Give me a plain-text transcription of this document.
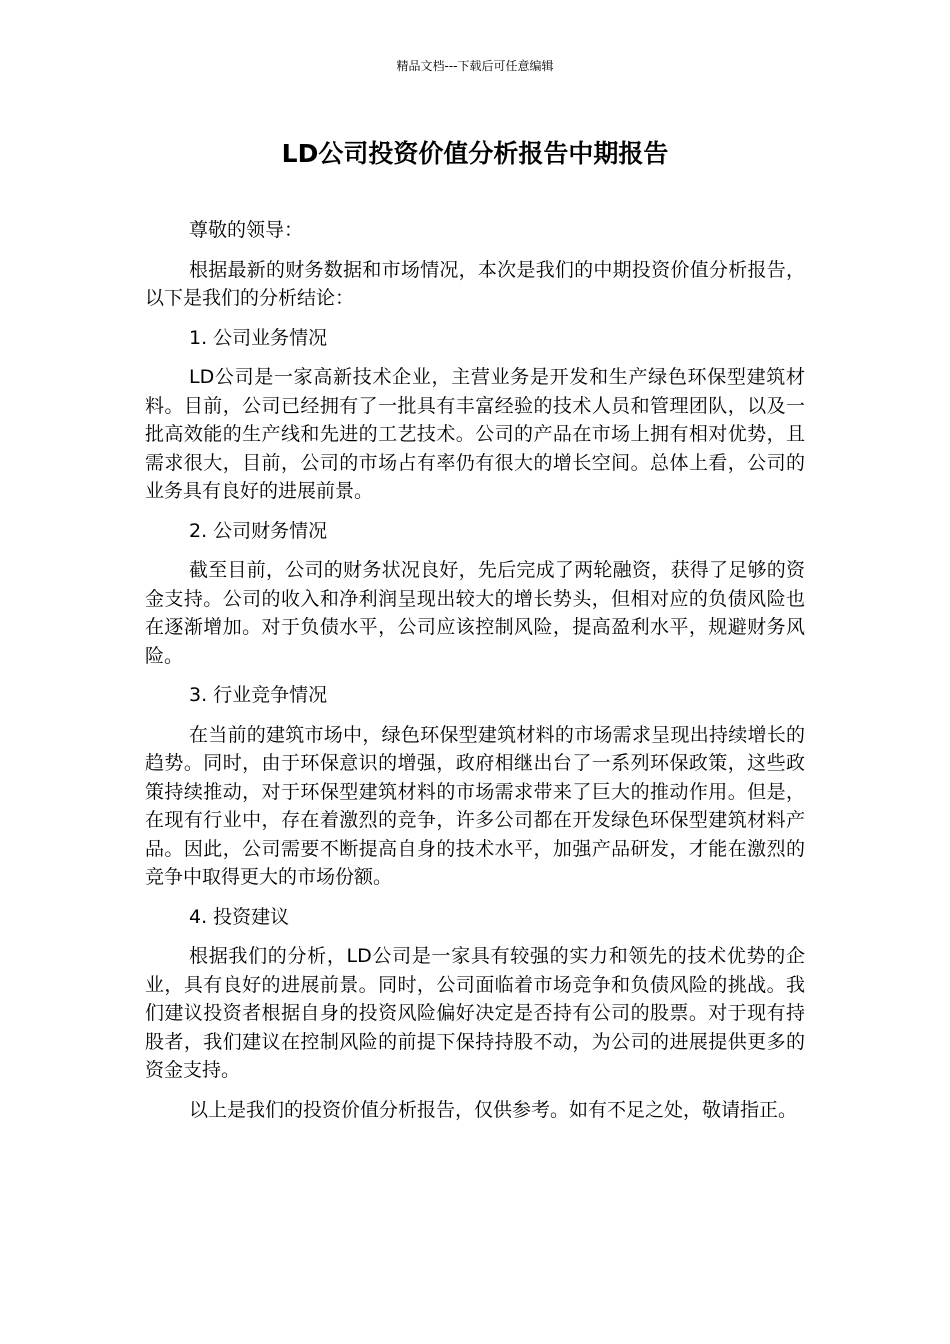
精品文档---下载后可任意编辑
LD公司投资价值分析报告中期报告

尊敬的领导：

根据最新的财务数据和市场情况，本次是我们的中期投资价值分析报告，以下是我们的分析结论：

1. 公司业务情况

LD公司是一家高新技术企业，主营业务是开发和生产绿色环保型建筑材料。目前，公司已经拥有了一批具有丰富经验的技术人员和管理团队，以及一批高效能的生产线和先进的工艺技术。公司的产品在市场上拥有相对优势，且需求很大，目前，公司的市场占有率仍有很大的增长空间。总体上看，公司的业务具有良好的进展前景。

2. 公司财务情况

截至目前，公司的财务状况良好，先后完成了两轮融资，获得了足够的资金支持。公司的收入和净利润呈现出较大的增长势头，但相对应的负债风险也在逐渐增加。对于负债水平，公司应该控制风险，提高盈利水平，规避财务风险。

3. 行业竞争情况

在当前的建筑市场中，绿色环保型建筑材料的市场需求呈现出持续增长的趋势。同时，由于环保意识的增强，政府相继出台了一系列环保政策，这些政策持续推动，对于环保型建筑材料的市场需求带来了巨大的推动作用。但是，在现有行业中，存在着激烈的竞争，许多公司都在开发绿色环保型建筑材料产品。因此，公司需要不断提高自身的技术水平，加强产品研发，才能在激烈的竞争中取得更大的市场份额。

4. 投资建议

根据我们的分析，LD公司是一家具有较强的实力和领先的技术优势的企业，具有良好的进展前景。同时，公司面临着市场竞争和负债风险的挑战。我们建议投资者根据自身的投资风险偏好决定是否持有公司的股票。对于现有持股者，我们建议在控制风险的前提下保持持股不动，为公司的进展提供更多的资金支持。

以上是我们的投资价值分析报告，仅供参考。如有不足之处，敬请指正。
